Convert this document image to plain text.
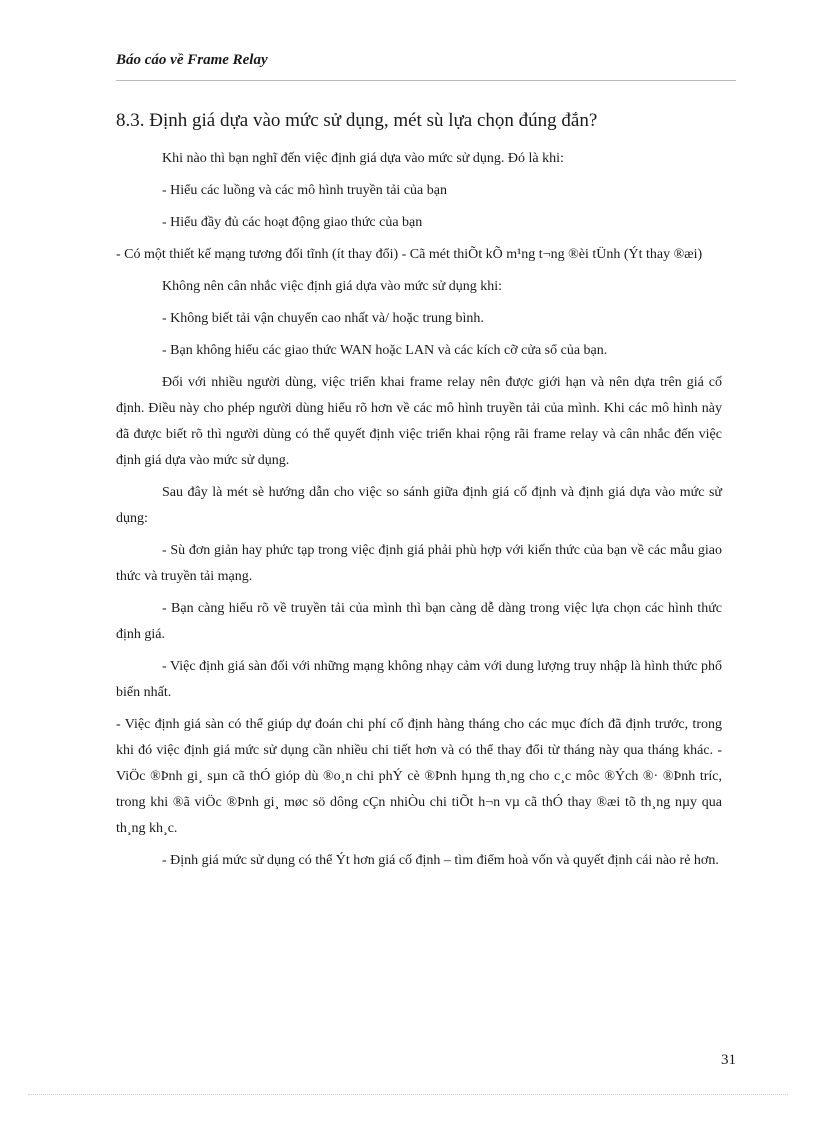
Báo cáo về Frame Relay
8.3. Định giá dựa vào mức sử dụng, mét sù lựa chọn đúng đắn?

Khi nào thì bạn nghĩ đến việc định giá dựa vào mức sử dụng. Đó là khi:

- Hiểu các luồng và các mô hình truyền tải của bạn

- Hiểu đầy đủ các hoạt động giao thức của bạn

- Có một thiết kế mạng tương đối tĩnh (ít thay đổi) - Cã mét thiÕt kÕ m¹ng t¬ng ®èi tÜnh (Ýt thay ®æi)

Không nên cân nhắc việc định giá dựa vào mức sử dụng khi:

- Không biết tải vận chuyển cao nhất và/ hoặc trung bình.

- Bạn không hiểu các giao thức WAN hoặc LAN và các kích cỡ cửa sổ của bạn.

Đối với nhiều người dùng, việc triển khai frame relay nên được giới hạn và nên dựa trên giá cố định. Điều này cho phép người dùng hiểu rõ hơn về các mô hình truyền tải của mình. Khi các mô hình này đã được biết rõ thì người dùng có thể quyết định việc triển khai rộng rãi frame relay và cân nhắc đến việc định giá dựa vào mức sử dụng.

Sau đây là mét sè hướng dẫn cho việc so sánh giữa định giá cố định và định giá dựa vào mức sử dụng:

- Sù đơn giản hay phức tạp trong việc định giá phải phù hợp với kiến thức của bạn về các mẫu giao thức và truyền tải mạng.

- Bạn càng hiểu rõ về truyền tải của mình thì bạn càng dễ dàng trong việc lựa chọn các hình thức định giá.

- Việc định giá sàn đối với những mạng không nhạy cảm với dung lượng truy nhập là hình thức phổ biến nhất.

- Việc định giá sàn có thể giúp dự đoán chi phí cố định hàng tháng cho các mục đích đã định trước, trong khi đó việc định giá mức sử dụng cần nhiều chi tiết hơn và có thể thay đổi từ tháng này qua tháng khác. - ViÖc ®Þnh gi¸ sµn cã thÓ gióp dù ®o¸n chi phÝ cè ®Þnh hµng th¸ng cho c¸c môc ®Ých ®· ®Þnh tríc, trong khi ®ã viÖc ®Þnh gi¸ møc sö dông cÇn nhiÒu chi tiÕt h¬n vµ cã thÓ thay ®æi tõ th¸ng nµy qua th¸ng kh¸c.

- Định giá mức sử dụng có thể Ýt hơn giá cố định – tìm điểm hoà vốn và quyết định cái nào rẻ hơn.

31
